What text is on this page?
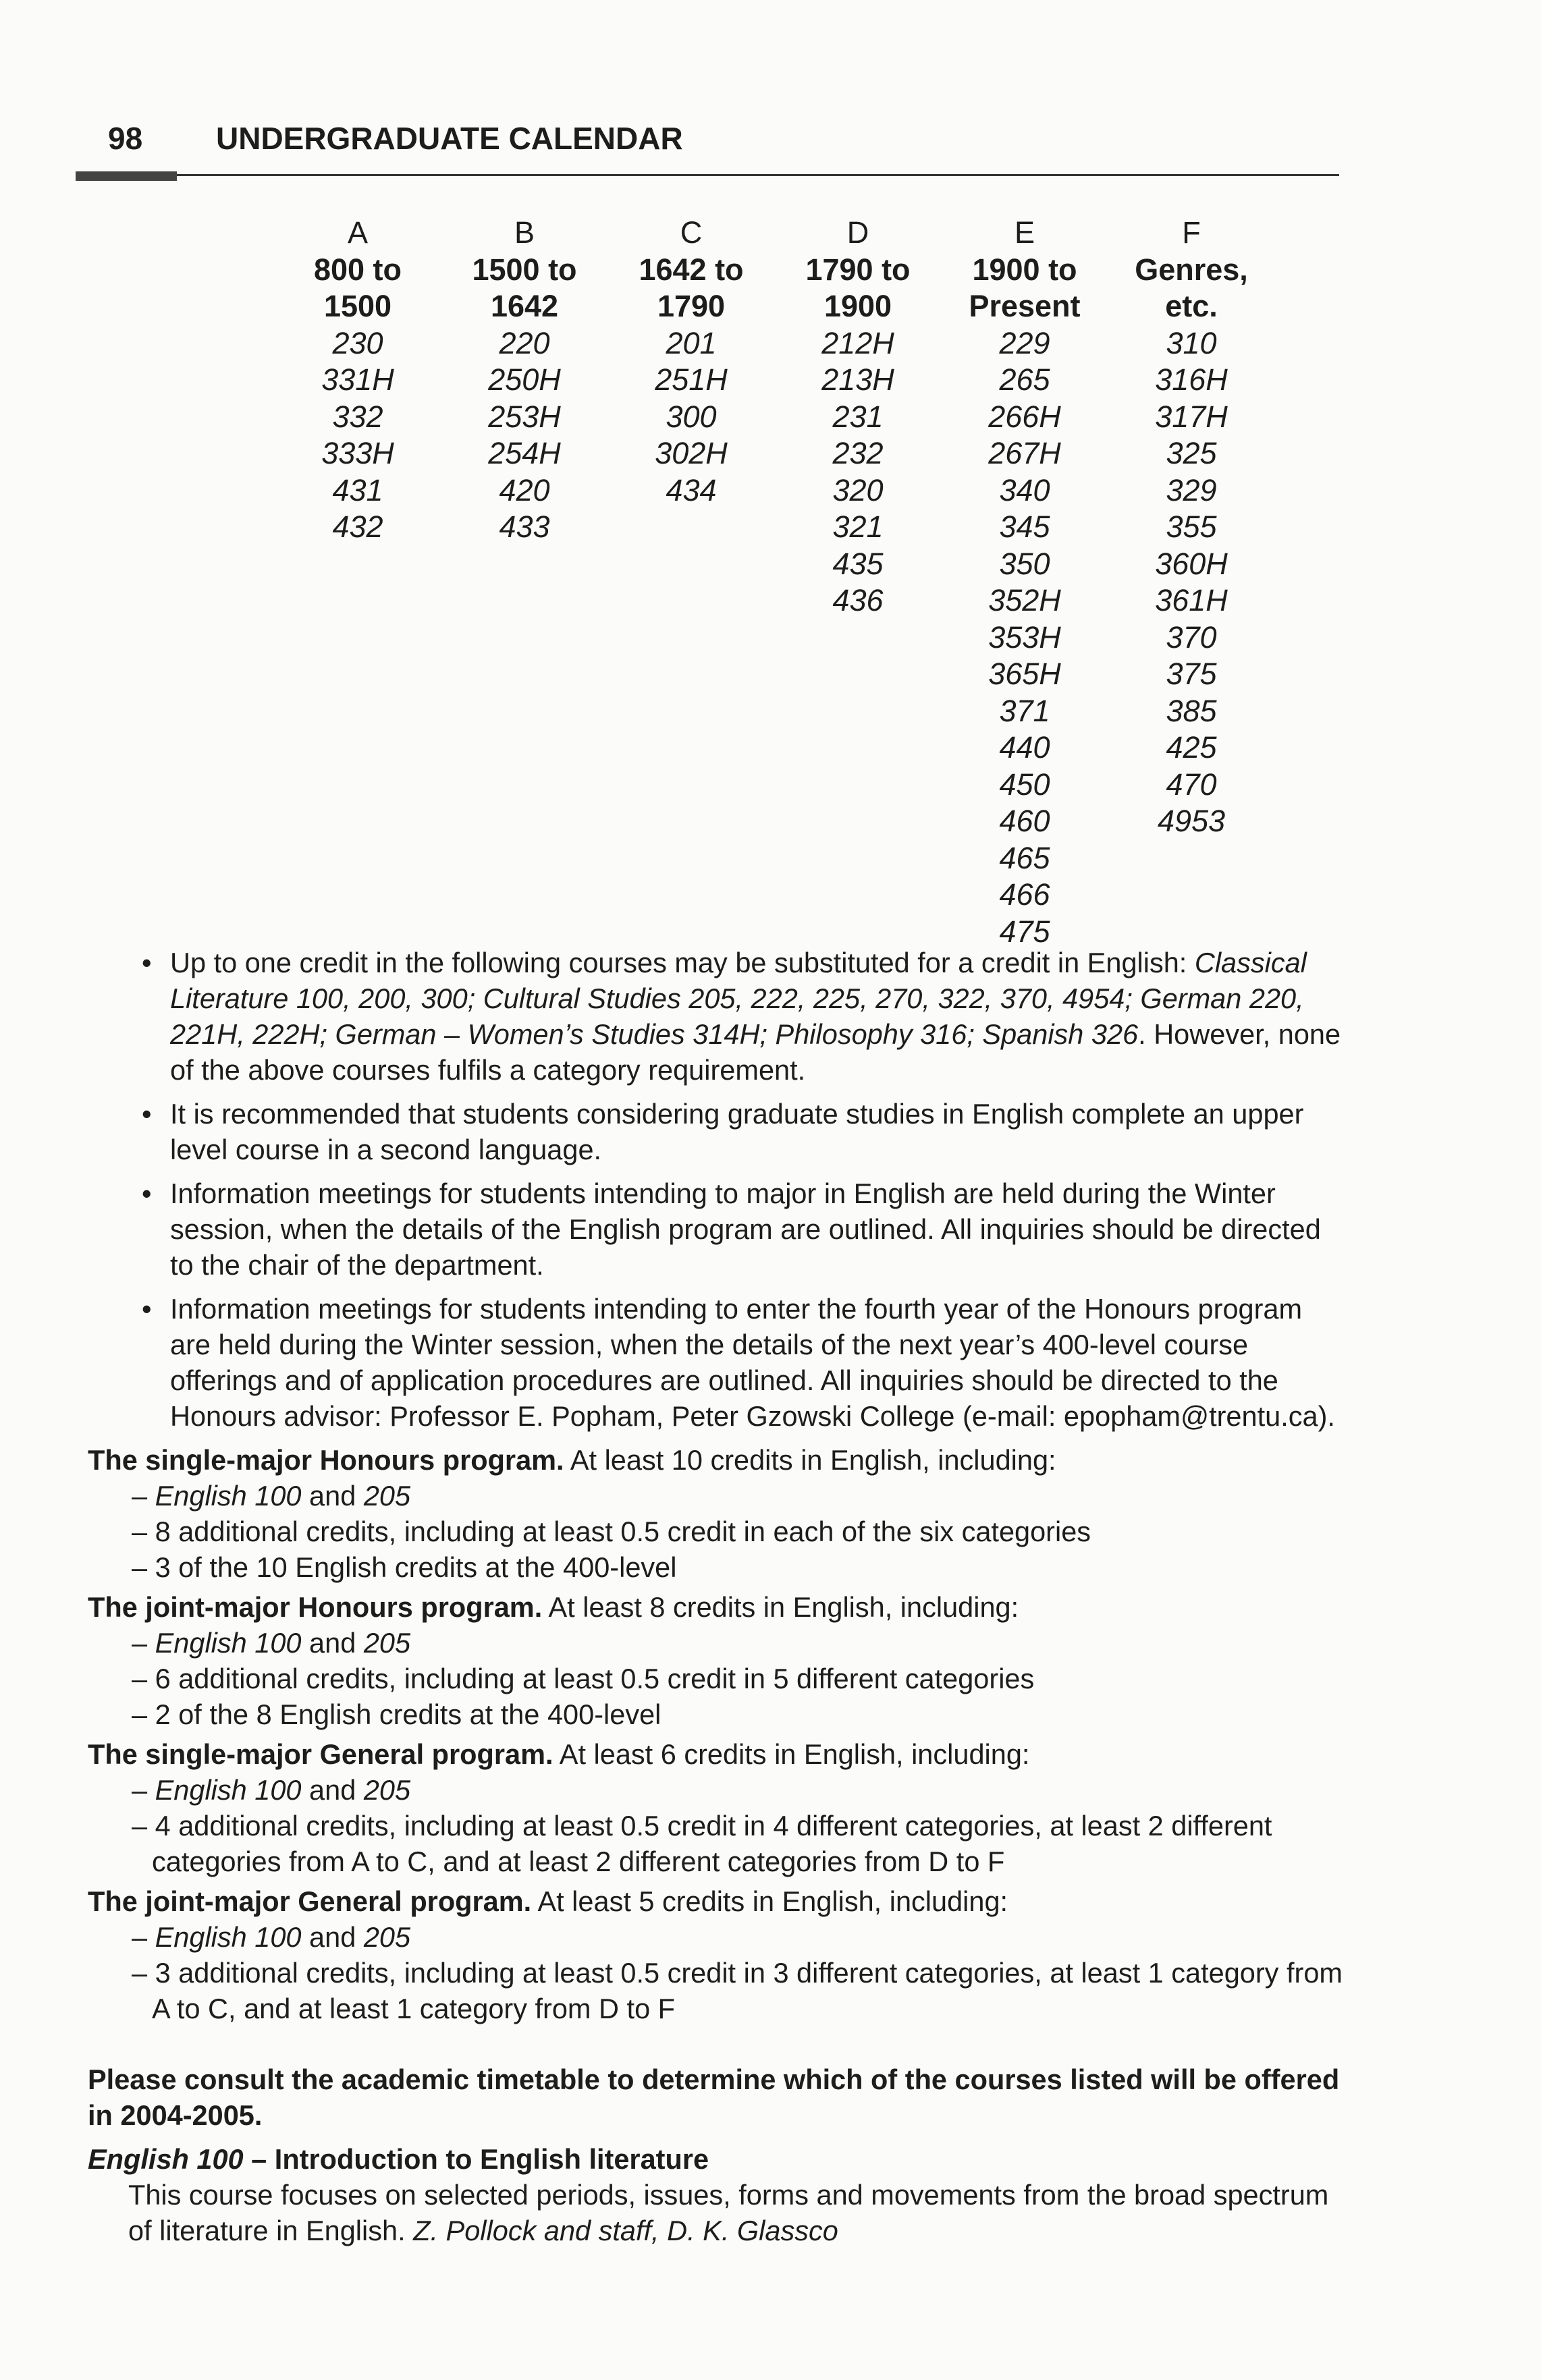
98 UNDERGRADUATE CALENDAR
A
800 to
1500
230
331H
332
333H
431
432
B
1500 to
1642
220
250H
253H
254H
420
433
C
1642 to
1790
201
251H
300
302H
434
D
1790 to
1900
212H
213H
231
232
320
321
435
436
E
1900 to
Present
229
265
266H
267H
340
345
350
352H
353H
365H
371
440
450
460
465
466
475
F
Genres,
etc.
310
316H
317H
325
329
355
360H
361H
370
375
385
425
470
4953
• Up to one credit in the following courses may be substituted for a credit in English: Classical Literature 100, 200, 300; Cultural Studies 205, 222, 225, 270, 322, 370, 4954; German 220, 221H, 222H; German – Women’s Studies 314H; Philosophy 316; Spanish 326. However, none of the above courses fulfils a category requirement.
• It is recommended that students considering graduate studies in English complete an upper level course in a second language.
• Information meetings for students intending to major in English are held during the Winter session, when the details of the English program are outlined. All inquiries should be directed to the chair of the department.
• Information meetings for students intending to enter the fourth year of the Honours program are held during the Winter session, when the details of the next year’s 400-level course offerings and of application procedures are outlined. All inquiries should be directed to the Honours advisor: Professor E. Popham, Peter Gzowski College (e-mail: epopham@trentu.ca).
The single-major Honours program. At least 10 credits in English, including:
– English 100 and 205
– 8 additional credits, including at least 0.5 credit in each of the six categories
– 3 of the 10 English credits at the 400-level
The joint-major Honours program. At least 8 credits in English, including:
– English 100 and 205
– 6 additional credits, including at least 0.5 credit in 5 different categories
– 2 of the 8 English credits at the 400-level
The single-major General program. At least 6 credits in English, including:
– English 100 and 205
– 4 additional credits, including at least 0.5 credit in 4 different categories, at least 2 different categories from A to C, and at least 2 different categories from D to F
The joint-major General program. At least 5 credits in English, including:
– English 100 and 205
– 3 additional credits, including at least 0.5 credit in 3 different categories, at least 1 category from A to C, and at least 1 category from D to F
Please consult the academic timetable to determine which of the courses listed will be offered in 2004-2005.
English 100 – Introduction to English literature
This course focuses on selected periods, issues, forms and movements from the broad spectrum of literature in English. Z. Pollock and staff, D. K. Glassco
